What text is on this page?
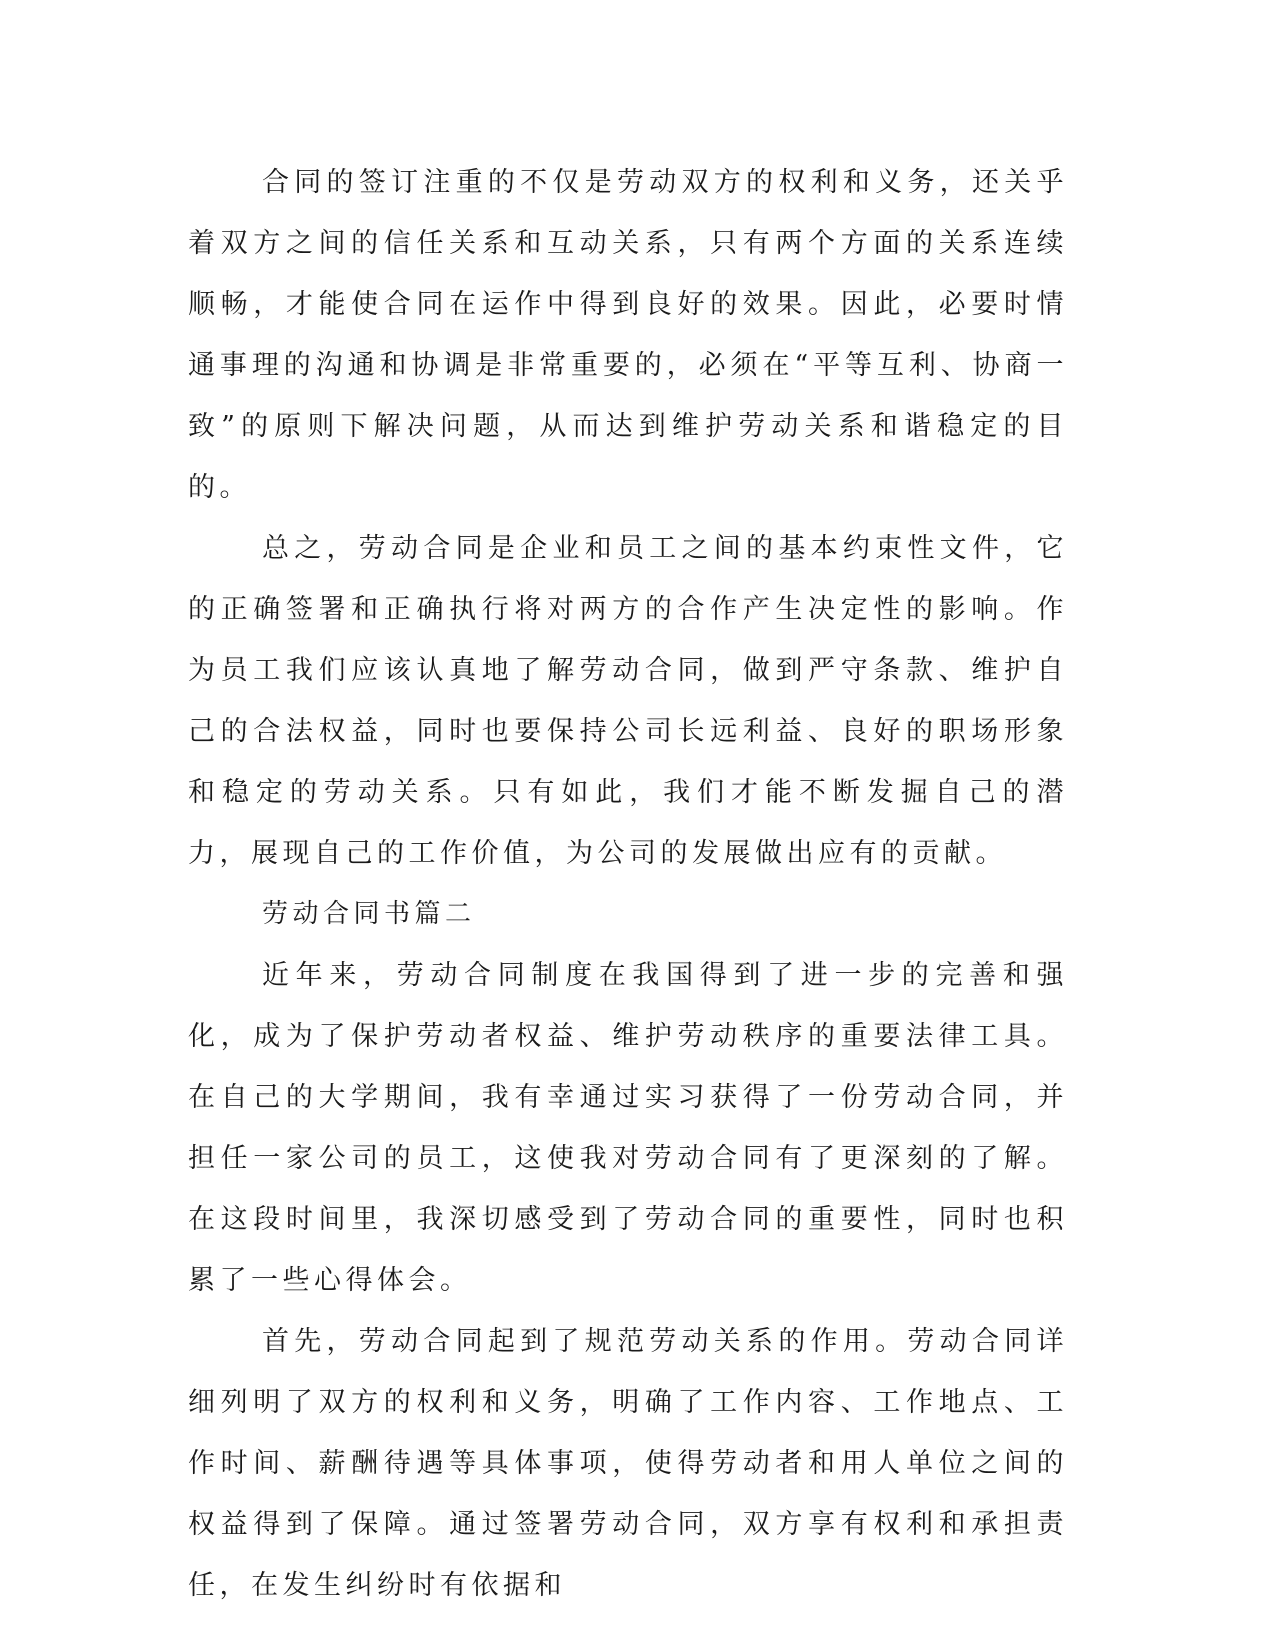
合同的签订注重的不仅是劳动双方的权利和义务，还关乎着双方之间的信任关系和互动关系，只有两个方面的关系连续顺畅，才能使合同在运作中得到良好的效果。因此，必要时情通事理的沟通和协调是非常重要的，必须在“平等互利、协商一致”的原则下解决问题，从而达到维护劳动关系和谐稳定的目的。

总之，劳动合同是企业和员工之间的基本约束性文件，它的正确签署和正确执行将对两方的合作产生决定性的影响。作为员工我们应该认真地了解劳动合同，做到严守条款、维护自己的合法权益，同时也要保持公司长远利益、良好的职场形象和稳定的劳动关系。只有如此，我们才能不断发掘自己的潜力，展现自己的工作价值，为公司的发展做出应有的贡献。

劳动合同书篇二

近年来，劳动合同制度在我国得到了进一步的完善和强化，成为了保护劳动者权益、维护劳动秩序的重要法律工具。在自己的大学期间，我有幸通过实习获得了一份劳动合同，并担任一家公司的员工，这使我对劳动合同有了更深刻的了解。在这段时间里，我深切感受到了劳动合同的重要性，同时也积累了一些心得体会。

首先，劳动合同起到了规范劳动关系的作用。劳动合同详细列明了双方的权利和义务，明确了工作内容、工作地点、工作时间、薪酬待遇等具体事项，使得劳动者和用人单位之间的权益得到了保障。通过签署劳动合同，双方享有权利和承担责任，在发生纠纷时有依据和
